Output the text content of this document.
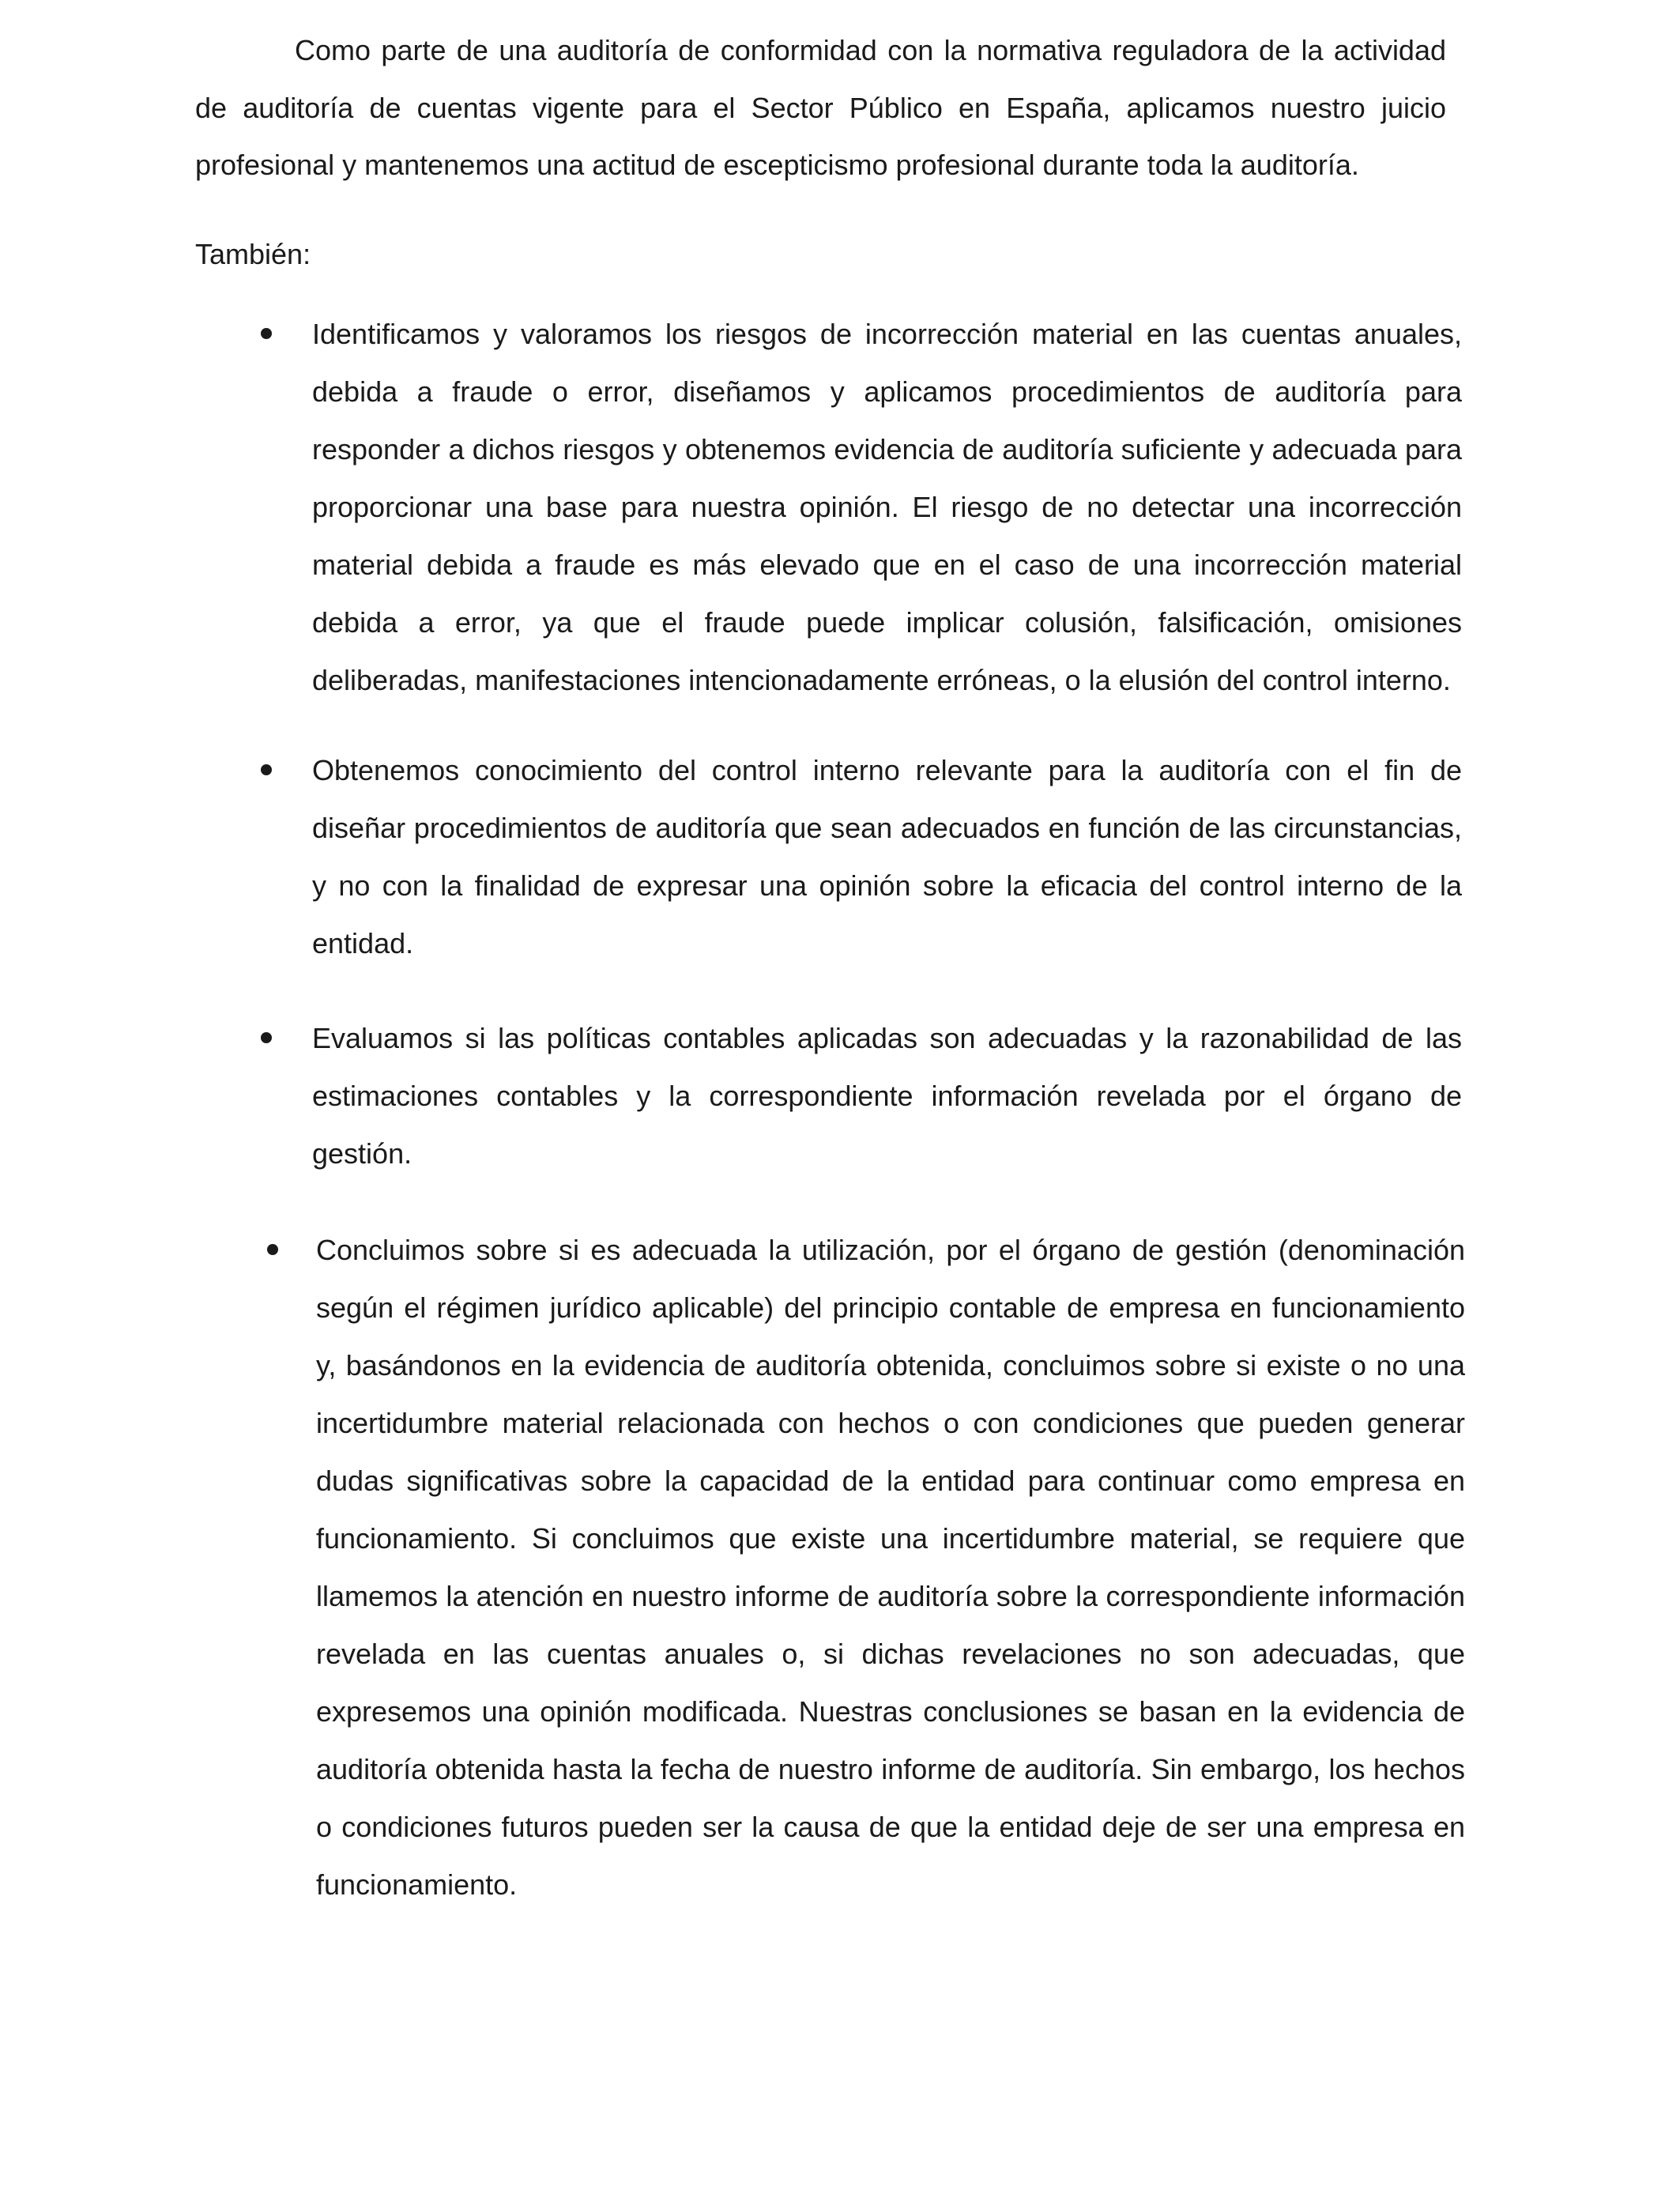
Como parte de una auditoría de conformidad con la normativa reguladora de la actividad de auditoría de cuentas vigente para el Sector Público en España, aplicamos nuestro juicio profesional y mantenemos una actitud de escepticismo profesional durante toda la auditoría.

También:

Identificamos y valoramos los riesgos de incorrección material en las cuentas anuales, debida a fraude o error, diseñamos y aplicamos procedimientos de auditoría para responder a dichos riesgos y obtenemos evidencia de auditoría suficiente y adecuada para proporcionar una base para nuestra opinión. El riesgo de no detectar una incorrección material debida a fraude es más elevado que en el caso de una incorrección material debida a error, ya que el fraude puede implicar colusión, falsificación, omisiones deliberadas, manifestaciones intencionadamente erróneas, o la elusión del control interno.

Obtenemos conocimiento del control interno relevante para la auditoría con el fin de diseñar procedimientos de auditoría que sean adecuados en función de las circunstancias, y no con la finalidad de expresar una opinión sobre la eficacia del control interno de la entidad.

Evaluamos si las políticas contables aplicadas son adecuadas y la razonabilidad de las estimaciones contables y la correspondiente información revelada por el órgano de gestión.

Concluimos sobre si es adecuada la utilización, por el órgano de gestión (denominación según el régimen jurídico aplicable) del principio contable de empresa en funcionamiento y, basándonos en la evidencia de auditoría obtenida, concluimos sobre si existe o no una incertidumbre material relacionada con hechos o con condiciones que pueden generar dudas significativas sobre la capacidad de la entidad para continuar como empresa en funcionamiento. Si concluimos que existe una incertidumbre material, se requiere que llamemos la atención en nuestro informe de auditoría sobre la correspondiente información revelada en las cuentas anuales o, si dichas revelaciones no son adecuadas, que expresemos una opinión modificada. Nuestras conclusiones se basan en la evidencia de auditoría obtenida hasta la fecha de nuestro informe de auditoría. Sin embargo, los hechos o condiciones futuros pueden ser la causa de que la entidad deje de ser una empresa en funcionamiento.
